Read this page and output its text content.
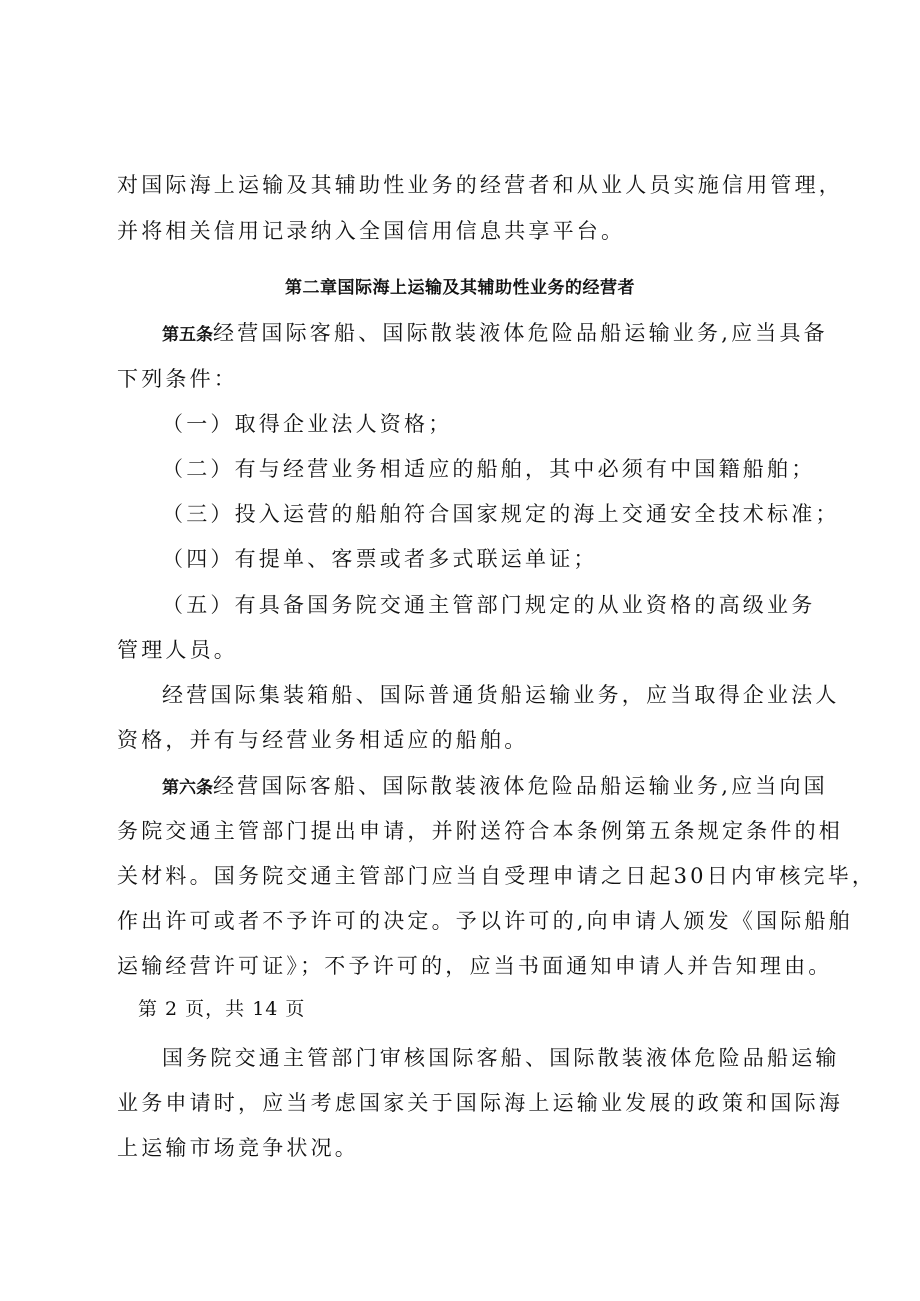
对国际海上运输及其辅助性业务的经营者和从业人员实施信用管理，
并将相关信用记录纳入全国信用信息共享平台。
第二章国际海上运输及其辅助性业务的经营者
第五条经营国际客船、国际散装液体危险品船运输业务,应当具备
下列条件：
（一）取得企业法人资格；
（二）有与经营业务相适应的船舶，其中必须有中国籍船舶；
（三）投入运营的船舶符合国家规定的海上交通安全技术标准；
（四）有提单、客票或者多式联运单证；
（五）有具备国务院交通主管部门规定的从业资格的高级业务
管理人员。
经营国际集装箱船、国际普通货船运输业务，应当取得企业法人
资格，并有与经营业务相适应的船舶。
第六条经营国际客船、国际散装液体危险品船运输业务,应当向国
务院交通主管部门提出申请，并附送符合本条例第五条规定条件的相
关材料。国务院交通主管部门应当自受理申请之日起30日内审核完毕，
作出许可或者不予许可的决定。予以许可的,向申请人颁发《国际船舶
运输经营许可证》；不予许可的，应当书面通知申请人并告知理由。
第 2 页，共 14 页
国务院交通主管部门审核国际客船、国际散装液体危险品船运输
业务申请时，应当考虑国家关于国际海上运输业发展的政策和国际海
上运输市场竞争状况。
